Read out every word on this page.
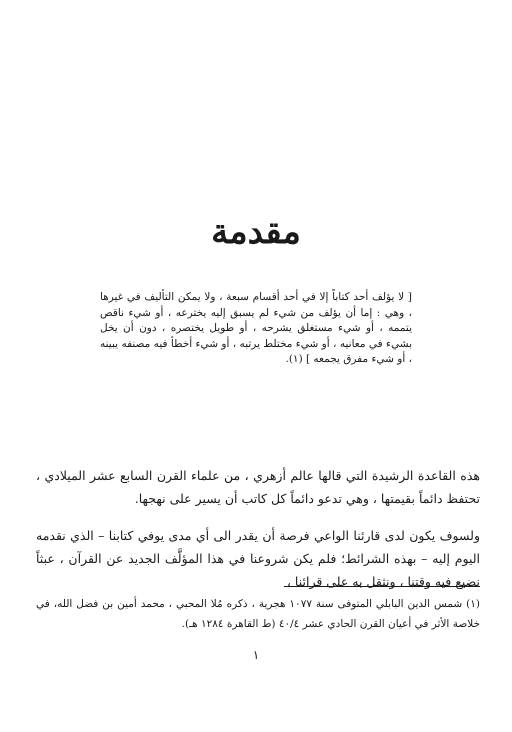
مقدمة

[ لا يؤلف أحد كتاباً إلا في أحد أقسام سبعة ، ولا يمكن التأليف في غيرها ، وهي : إما أن يؤلف من شيء لم يسبق إليه يخترعه ، أو شيء ناقص يتممه ، أو شيء مستغلق يشرحه ، أو طويل يختصره ، دون أن يخل بشيء في معانيه ، أو شيء مختلط يرتبه ، أو شيء أخطأ فيه مصنفه يبينه ، أو شيء مفرق يجمعه ] (١).

هذه القاعدة الرشيدة التي قالها عالم أزهري ، من علماء القرن السابع عشر الميلادي ، تحتفظ دائماً بقيمتها ، وهي تدعو دائماً كل كاتب أن يسير على نهجها.

ولسوف يكون لدى قارئنا الواعي فرصة أن يقدر الى أي مدى يوفي كتابنا – الذي نقدمه اليوم إليه – بهذه الشرائط؛ فلم يكن شروعنا في هذا المؤلَّف الجديد عن القرآن ، عبثاً نضيع فيه وقتنا ، ونثقل به على قرائنا ،

(١) شمس الدين البابلي المتوفى سنة ١٠٧٧ هجرية ، ذكره مُلا المحبي ، محمد أمين بن فضل الله، في خلاصة الأثر في أعيان القرن الحادي عشر ٤٠/٤ (ط القاهرة ١٢٨٤ هـ).

١
